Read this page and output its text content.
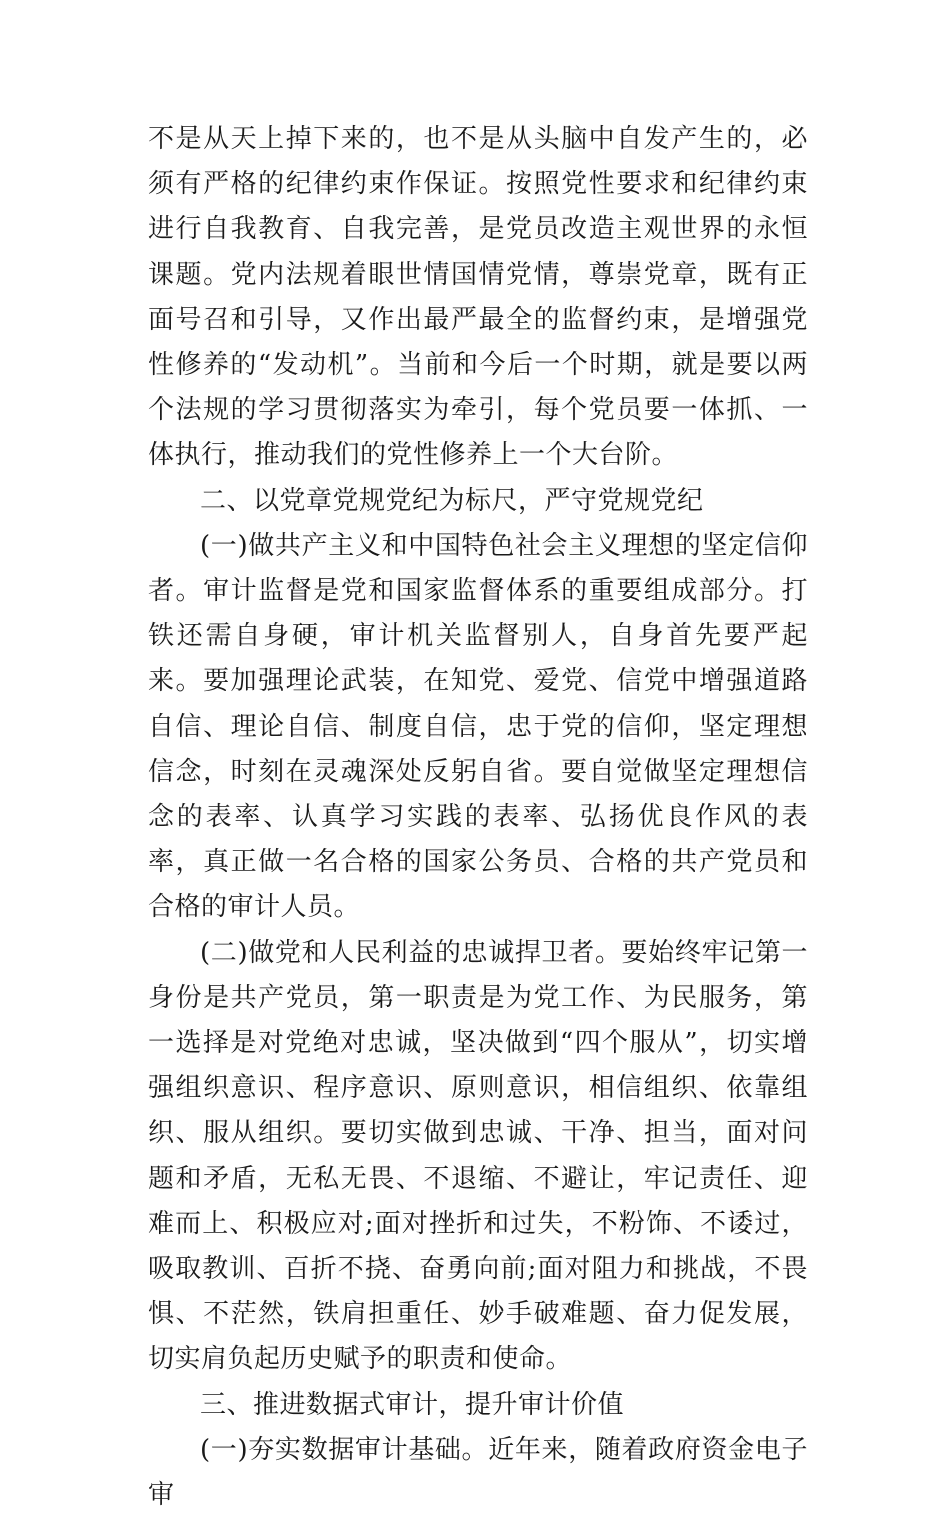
不是从天上掉下来的，也不是从头脑中自发产生的，必须有严格的纪律约束作保证。按照党性要求和纪律约束进行自我教育、自我完善，是党员改造主观世界的永恒课题。党内法规着眼世情国情党情，尊崇党章，既有正面号召和引导，又作出最严最全的监督约束，是增强党性修养的“发动机”。当前和今后一个时期，就是要以两个法规的学习贯彻落实为牵引，每个党员要一体抓、一体执行，推动我们的党性修养上一个大台阶。

二、以党章党规党纪为标尺，严守党规党纪

(一)做共产主义和中国特色社会主义理想的坚定信仰者。审计监督是党和国家监督体系的重要组成部分。打铁还需自身硬，审计机关监督别人，自身首先要严起来。要加强理论武装，在知党、爱党、信党中增强道路自信、理论自信、制度自信，忠于党的信仰，坚定理想信念，时刻在灵魂深处反躬自省。要自觉做坚定理想信念的表率、认真学习实践的表率、弘扬优良作风的表率，真正做一名合格的国家公务员、合格的共产党员和合格的审计人员。

(二)做党和人民利益的忠诚捍卫者。要始终牢记第一身份是共产党员，第一职责是为党工作、为民服务，第一选择是对党绝对忠诚，坚决做到“四个服从”，切实增强组织意识、程序意识、原则意识，相信组织、依靠组织、服从组织。要切实做到忠诚、干净、担当，面对问题和矛盾，无私无畏、不退缩、不避让，牢记责任、迎难而上、积极应对;面对挫折和过失，不粉饰、不诿过，吸取教训、百折不挠、奋勇向前;面对阻力和挑战，不畏惧、不茫然，铁肩担重任、妙手破难题、奋力促发展，切实肩负起历史赋予的职责和使命。

三、推进数据式审计，提升审计价值

(一)夯实数据审计基础。近年来，随着政府资金电子审
